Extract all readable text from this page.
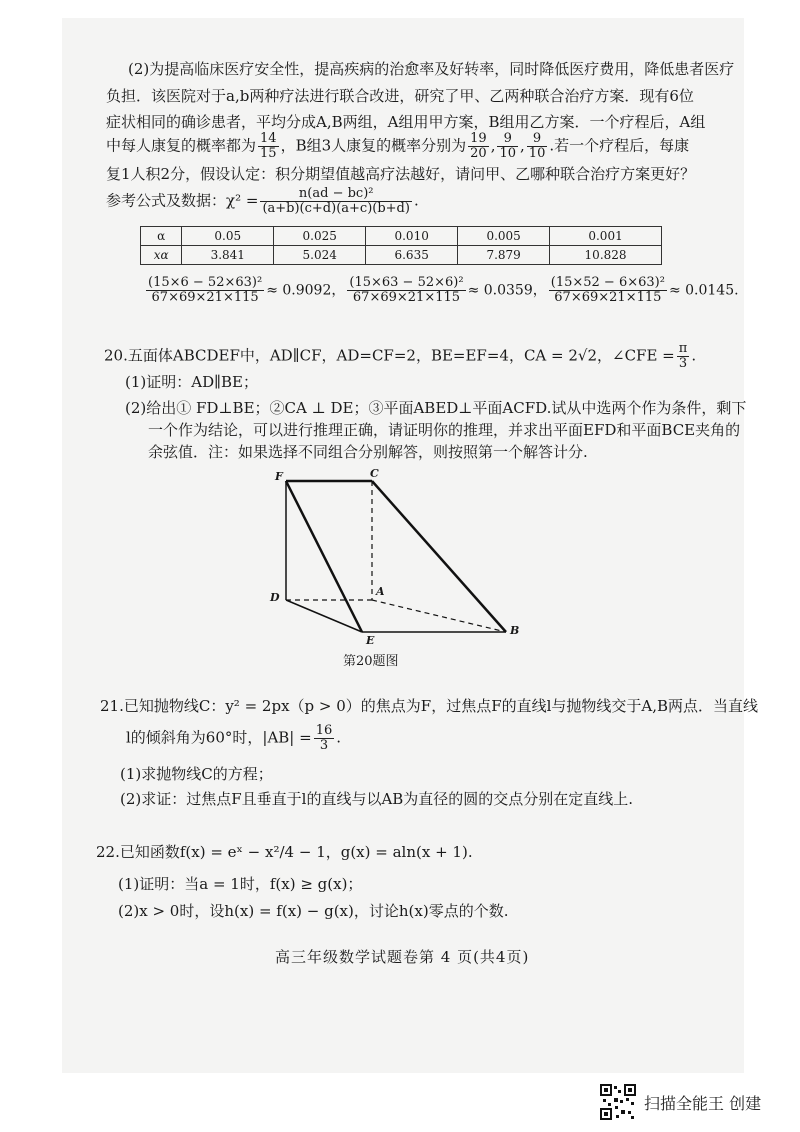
(2)为提高临床医疗安全性，提高疾病的治愈率及好转率，同时降低医疗费用，降低患者医疗
负担．该医院对于a,b两种疗法进行联合改进，研究了甲、乙两种联合治疗方案．现有6位
症状相同的确诊患者，平均分成A,B两组，A组用甲方案，B组用乙方案．一个疗程后，A组
中每人康复的概率都为 $\frac{14}{15}$ ，B组3人康复的概率分别为 $\frac{19}{20}$ , $\frac{9}{10}$ , $\frac{9}{10}$ .若一个疗程后，每康
复1人积2分，假设认定：积分期望值越高疗法越好，请问甲、乙哪种联合治疗方案更好？
参考公式及数据：$\chi^2 = \frac{\text{n(ad − bc)²}}{(a+b)(c+d)(a+c)(b+d)}$ .
α	0.05	0.025	0.010	0.005	0.001
xα	3.841	5.024	6.635	7.879	10.828
$\frac{\text{(15×6 − 52×63)²}}{67\times 69\times 21\times 115} \approx 0.9092$， $\frac{\text{(15×63 − 52×6)²}}{67\times 69\times 21\times 115} \approx 0.0359$， $\frac{\text{(15×52 − 6×63)²}}{67\times 69\times 21\times 115} \approx 0.0145$.
20.五面体ABCDEF中，AD∥CF，AD=CF=2，BE=EF=4，CA = 2√2，∠CFE = $\frac{\pi}{3}$ .
(1)证明：AD∥BE；
(2)给出① FD⊥BE；②CA ⊥ DE；③平面ABED⊥平面ACFD.试从中选两个作为条件，剩下
一个作为结论，可以进行推理正确，请证明你的推理，并求出平面EFD和平面BCE夹角的
余弦值．注：如果选择不同组合分别解答，则按照第一个解答计分.
F	C
D	A
E
B
第20题图
21.已知抛物线C：y² = 2px（p > 0）的焦点为F，过焦点F的直线l与抛物线交于A,B两点．当直线
l的倾斜角为60°时，$|AB| = \frac{16}{3}$ .
(1)求抛物线C的方程；
(2)求证：过焦点F且垂直于l的直线与以AB为直径的圆的交点分别在定直线上.
22.已知函数f(x) = eˣ − x²/4 − 1，g(x) = aln(x + 1).
(1)证明：当a = 1时，f(x) ≥ g(x)；
(2)x > 0时，设h(x) = f(x) − g(x)，讨论h(x)零点的个数.
高三年级数学试题卷第 4 页(共4页)
扫描全能王 创建
